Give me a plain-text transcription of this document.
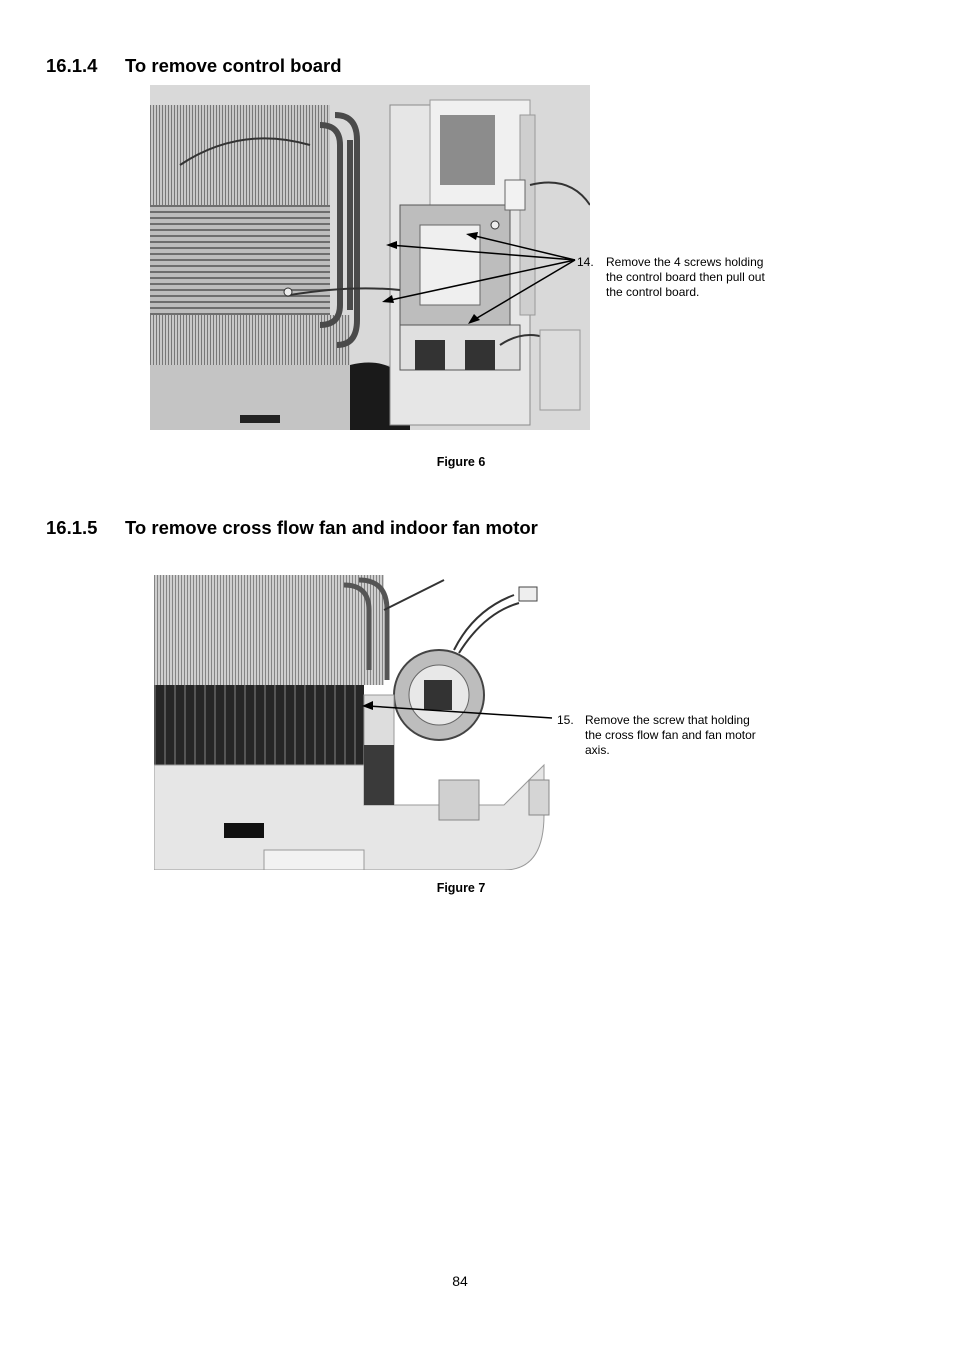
16.1.4 To remove control board
14. Remove the 4 screws holding
the control board then pull out
the control board.
Figure 6
16.1.5 To remove cross flow fan and indoor fan motor
15. Remove the screw that holding
the cross flow fan and fan motor
axis.
Figure 7
84
